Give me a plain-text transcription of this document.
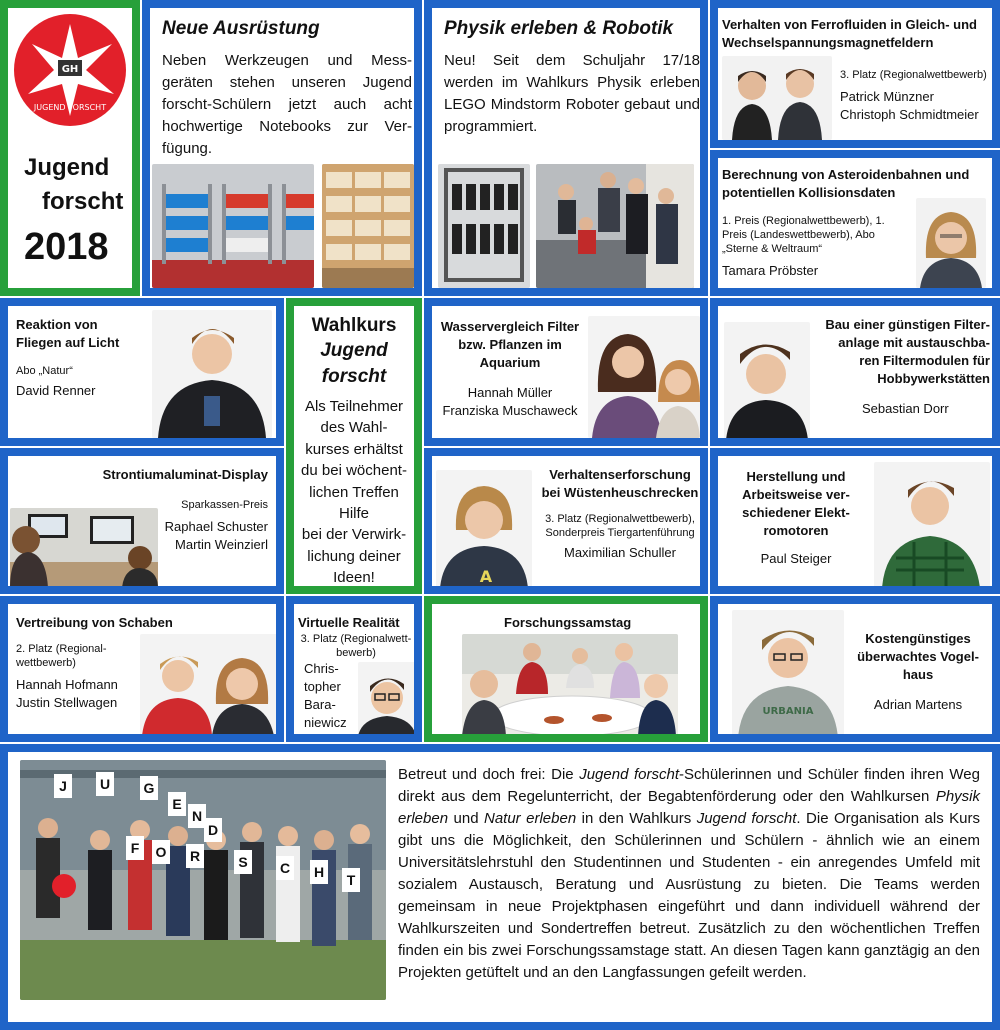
GH
JUGEND FORSCHT
Jugend
forscht
2018
Neue Ausrüstung

Neben Werkzeugen und Messgeräten stehen unseren Jugend forscht-Schülern jetzt auch acht hochwertige Notebooks zur Verfügung.

Physik erleben & Robotik

Neu! Seit dem Schuljahr 17/18 werden im Wahlkurs Physik erleben LEGO Mindstorm Roboter gebaut und programmiert.

Verhalten von Ferrofluiden in Gleich- und Wechselspannungsmagnetfeldern
3. Platz (Regionalwettbewerb)
Patrick Münzner
Christoph Schmidtmeier
Berechnung von Asteroidenbahnen und potentiellen Kollisionsdaten
1. Preis (Regionalwettbewerb), 1. Preis (Landeswettbewerb), Abo „Sterne & Weltraum“
Tamara Pröbster
Reaktion von
Fliegen auf Licht
Abo „Natur“
David Renner
Wahlkurs
Jugend
forscht
Als Teilnehmer
des Wahl-
kurses erhältst
du bei wöchent-
lichen Treffen
Hilfe
bei der Verwirk-
lichung deiner
Ideen!
Wasservergleich Filter
bzw. Pflanzen im
Aquarium
Hannah Müller
Franziska Muschaweck
Bau einer günstigen Filter-
anlage mit austauschba-
ren Filtermodulen für
Hobbywerkstätten
Sebastian Dorr
Strontiumaluminat-Display
Sparkassen-Preis
Raphael Schuster
Martin Weinzierl
A
Verhaltenserforschung
bei Wüstenheuschrecken
3. Platz (Regionalwettbewerb),
Sonderpreis Tiergartenführung
Maximilian Schuller
Herstellung und
Arbeitsweise ver-
schiedener Elekt-
romotoren
Paul Steiger
Vertreibung von Schaben
2. Platz (Regional-
wettbewerb)
Hannah Hofmann
Justin Stellwagen
Virtuelle Realität
3. Platz (Regionalwett-
bewerb)
Chris-
topher
Bara-
niewicz
Forschungssamstag
URBANIA
Kostengünstiges
überwachtes Vogel-
haus
Adrian Martens
J	U G
E
N
D
F	O R	S	C H	T

Betreut und doch frei: Die Jugend forscht-Schülerinnen und Schüler finden ihren Weg direkt aus dem Regelunterricht, der Begabtenförderung oder den Wahlkursen Physik erleben und Natur erleben in den Wahlkurs Jugend forscht. Die Organisation als Kurs gibt uns die Möglichkeit, den Schülerinnen und Schülern - ähnlich wie an einem Universitätslehrstuhl den Studentinnen und Studenten - ein anregendes Umfeld mit sozialem Austausch, Beratung und Ausrüstung zu bieten. Die Teams werden gemeinsam in neue Projektphasen eingeführt und dann individuell während der Wahlkurszeiten und Sondertreffen betreut. Zusätzlich zu den wöchentlichen Treffen finden ein bis zwei Forschungssamstage statt. An diesen Tagen kann ganztägig an den Projekten getüftelt und an den Langfassungen gefeilt werden.
